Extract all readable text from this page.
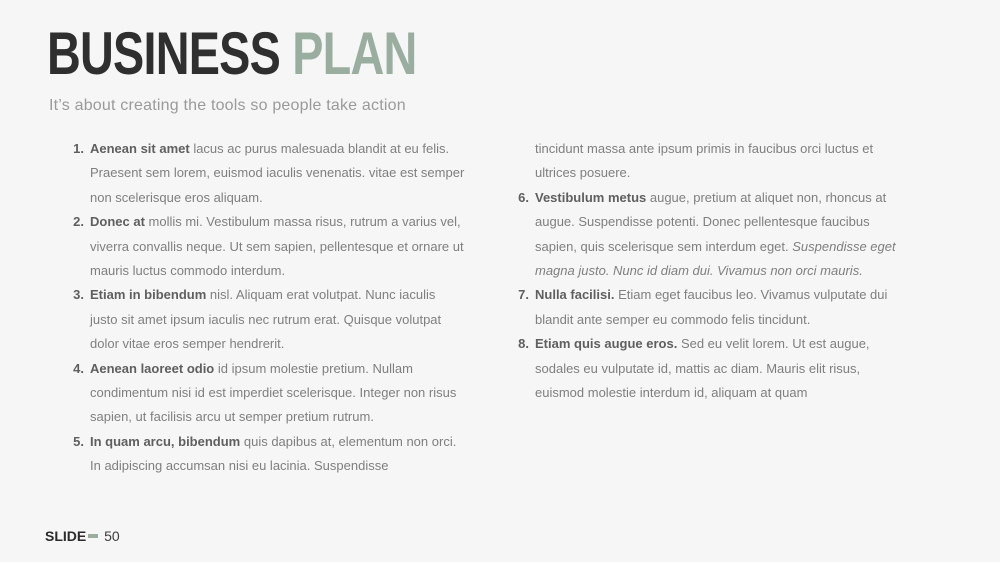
BUSINESS PLAN
It’s about creating the tools so people take action
1. Aenean sit amet lacus ac purus malesuada blandit at eu felis. Praesent sem lorem, euismod iaculis venenatis. vitae est semper non scelerisque eros aliquam.
2. Donec at mollis mi. Vestibulum massa risus, rutrum a varius vel, viverra convallis neque. Ut sem sapien, pellentesque et ornare ut mauris luctus commodo interdum.
3. Etiam in bibendum nisl. Aliquam erat volutpat. Nunc iaculis justo sit amet ipsum iaculis nec rutrum erat. Quisque volutpat dolor vitae eros semper hendrerit.
4. Aenean laoreet odio id ipsum molestie pretium. Nullam condimentum nisi id est imperdiet scelerisque. Integer non risus sapien, ut facilisis arcu ut semper pretium rutrum.
5. In quam arcu, bibendum quis dapibus at, elementum non orci. In adipiscing accumsan nisi eu lacinia. Suspendisse
tincidunt massa ante ipsum primis in faucibus orci luctus et ultrices posuere.
6. Vestibulum metus augue, pretium at aliquet non, rhoncus at augue. Suspendisse potenti. Donec pellentesque faucibus sapien, quis scelerisque sem interdum eget. Suspendisse eget magna justo. Nunc id diam dui. Vivamus non orci mauris.
7. Nulla facilisi. Etiam eget faucibus leo. Vivamus vulputate dui blandit ante semper eu commodo felis tincidunt.
8. Etiam quis augue eros. Sed eu velit lorem. Ut est augue, sodales eu vulputate id, mattis ac diam. Mauris elit risus, euismod molestie interdum id, aliquam at quam
SLIDE 50
